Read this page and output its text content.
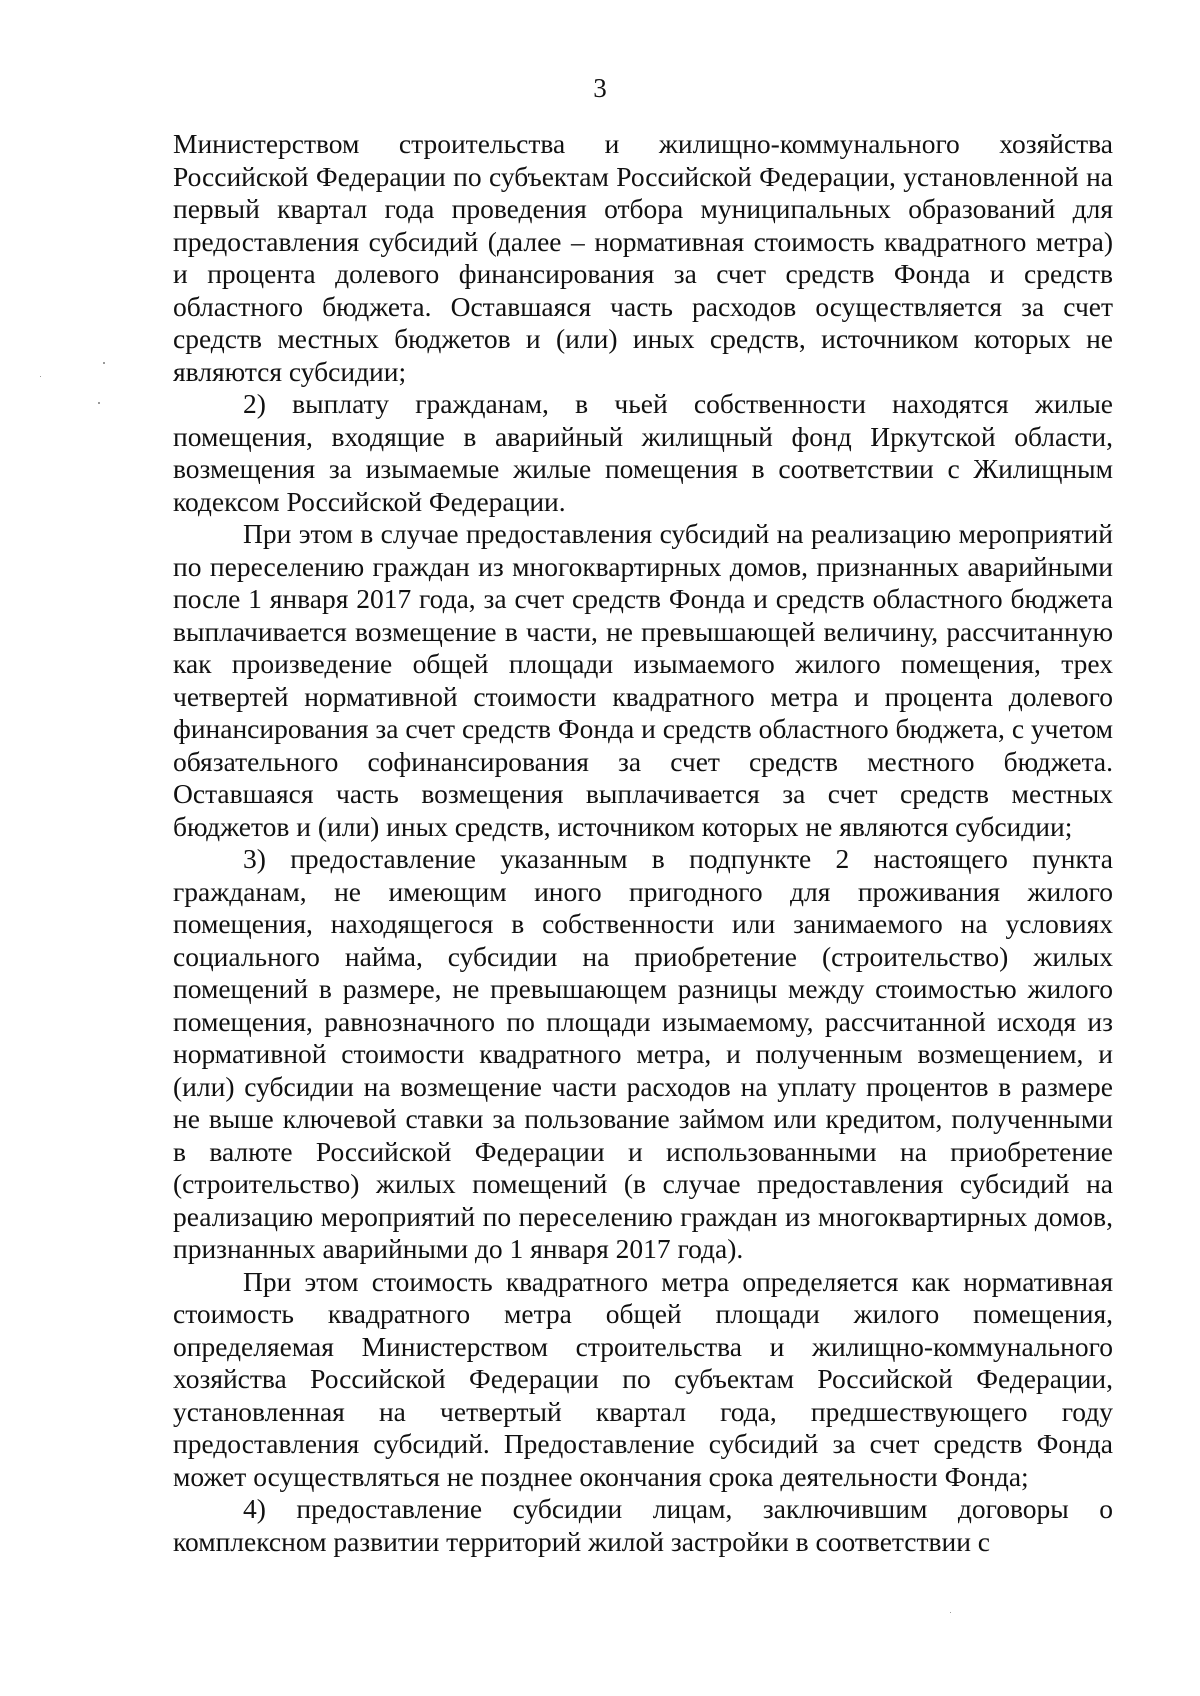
3

Министерством строительства и жилищно-коммунального хозяйства Российской Федерации по субъектам Российской Федерации, установленной на первый квартал года проведения отбора муниципальных образований для предоставления субсидий (далее – нормативная стоимость квадратного метра) и процента долевого финансирования за счет средств Фонда и средств областного бюджета. Оставшаяся часть расходов осуществляется за счет средств местных бюджетов и (или) иных средств, источником которых не являются субсидии;

2) выплату гражданам, в чьей собственности находятся жилые помещения, входящие в аварийный жилищный фонд Иркутской области, возмещения за изымаемые жилые помещения в соответствии с Жилищным кодексом Российской Федерации.

При этом в случае предоставления субсидий на реализацию мероприятий по переселению граждан из многоквартирных домов, признанных аварийными после 1 января 2017 года, за счет средств Фонда и средств областного бюджета выплачивается возмещение в части, не превышающей величину, рассчитанную как произведение общей площади изымаемого жилого помещения, трех четвертей нормативной стоимости квадратного метра и процента долевого финансирования за счет средств Фонда и средств областного бюджета, с учетом обязательного софинансирования за счет средств местного бюджета. Оставшаяся часть возмещения выплачивается за счет средств местных бюджетов и (или) иных средств, источником которых не являются субсидии;

3) предоставление указанным в подпункте 2 настоящего пункта гражданам, не имеющим иного пригодного для проживания жилого помещения, находящегося в собственности или занимаемого на условиях социального найма, субсидии на приобретение (строительство) жилых помещений в размере, не превышающем разницы между стоимостью жилого помещения, равнозначного по площади изымаемому, рассчитанной исходя из нормативной стоимости квадратного метра, и полученным возмещением, и (или) субсидии на возмещение части расходов на уплату процентов в размере не выше ключевой ставки за пользование займом или кредитом, полученными в валюте Российской Федерации и использованными на приобретение (строительство) жилых помещений (в случае предоставления субсидий на реализацию мероприятий по переселению граждан из многоквартирных домов, признанных аварийными до 1 января 2017 года).

При этом стоимость квадратного метра определяется как нормативная стоимость квадратного метра общей площади жилого помещения, определяемая Министерством строительства и жилищно-коммунального хозяйства Российской Федерации по субъектам Российской Федерации, установленная на четвертый квартал года, предшествующего году предоставления субсидий. Предоставление субсидий за счет средств Фонда может осуществляться не позднее окончания срока деятельности Фонда;

4) предоставление субсидии лицам, заключившим договоры о комплексном развитии территорий жилой застройки в соответствии с
